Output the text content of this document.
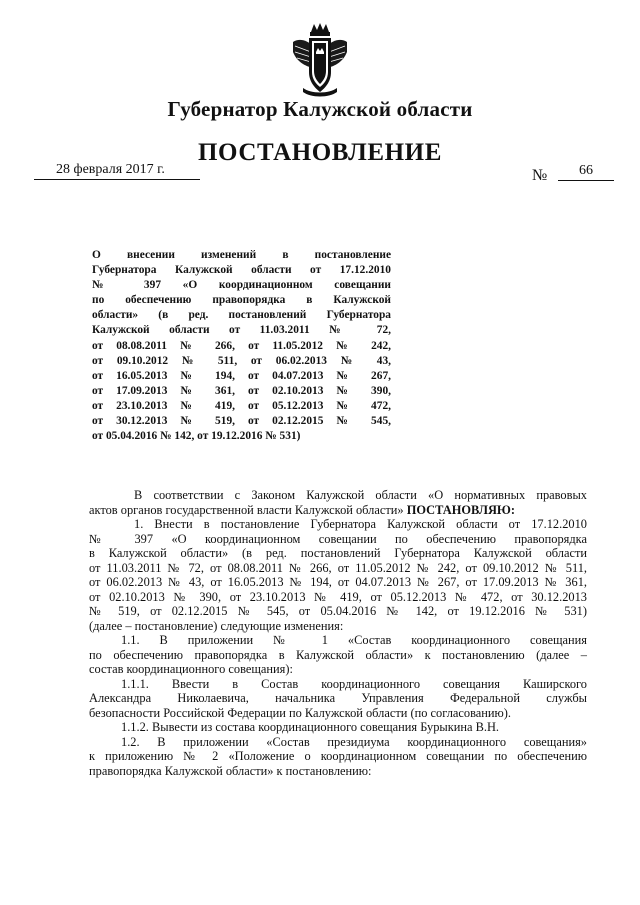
Губернатор Калужской области
ПОСТАНОВЛЕНИЕ
28 февраля 2017 г.	№	66
О внесении изменений в постановление
Губернатора Калужской области от 17.12.2010
№ 397 «О координационном совещании
по обеспечению правопорядка в Калужской
области» (в ред. постановлений Губернатора
Калужской области от 11.03.2011 № 72,
от 08.08.2011 № 266, от 11.05.2012 № 242,
от 09.10.2012 № 511, от 06.02.2013 № 43,
от 16.05.2013 № 194, от 04.07.2013 № 267,
от 17.09.2013 № 361, от 02.10.2013 № 390,
от 23.10.2013 № 419, от 05.12.2013 № 472,
от 30.12.2013 № 519, от 02.12.2015 № 545,
от 05.04.2016 № 142, от 19.12.2016 № 531)
В соответствии с Законом Калужской области «О нормативных правовых
актов органов государственной власти Калужской области» ПОСТАНОВЛЯЮ:
1. Внести в постановление Губернатора Калужской области от 17.12.2010
№ 397 «О координационном совещании по обеспечению правопорядка
в Калужской области» (в ред. постановлений Губернатора Калужской области
от 11.03.2011 № 72, от 08.08.2011 № 266, от 11.05.2012 № 242, от 09.10.2012 № 511,
от 06.02.2013 № 43, от 16.05.2013 № 194, от 04.07.2013 № 267, от 17.09.2013 № 361,
от 02.10.2013 № 390, от 23.10.2013 № 419, от 05.12.2013 № 472, от 30.12.2013
№ 519, от 02.12.2015 № 545, от 05.04.2016 № 142, от 19.12.2016 № 531)
(далее – постановление) следующие изменения:
1.1. В приложении № 1 «Состав координационного совещания
по обеспечению правопорядка в Калужской области» к постановлению (далее –
состав координационного совещания):
1.1.1. Ввести в Состав координационного совещания Каширского
Александра Николаевича, начальника Управления Федеральной службы
безопасности Российской Федерации по Калужской области (по согласованию).
1.1.2. Вывести из состава координационного совещания Бурыкина В.Н.
1.2. В приложении «Состав президиума координационного совещания»
к приложению № 2 «Положение о координационном совещании по обеспечению
правопорядка Калужской области» к постановлению:
